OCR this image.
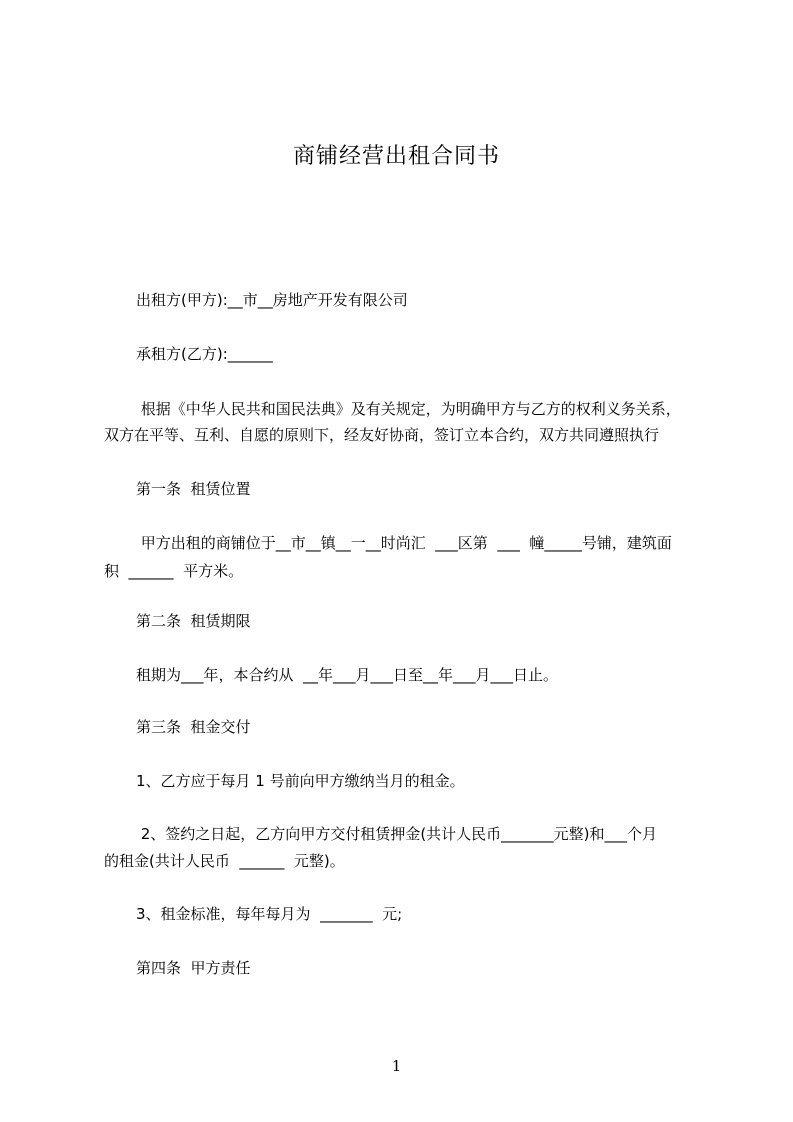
商铺经营出租合同书

出租方(甲方):__市__房地产开发有限公司

承租方(乙方):______

根据《中华人民共和国民法典》及有关规定，为明确甲方与乙方的权利义务关系，

双方在平等、互利、自愿的原则下，经友好协商，签订立本合约，双方共同遵照执行

第一条  租赁位置

甲方出租的商铺位于__市__镇__一__时尚汇  ___区第  ___  幢_____号铺，建筑面

积  ______  平方米。

第二条  租赁期限

租期为___年，本合约从  __年___月___日至__年___月___日止。

第三条  租金交付

1、乙方应于每月 1 号前向甲方缴纳当月的租金。

2、签约之日起，乙方向甲方交付租赁押金(共计人民币_______元整)和___个月

的租金(共计人民币  ______  元整)。

3、租金标准，每年每月为  _______  元;

第四条  甲方责任

1
